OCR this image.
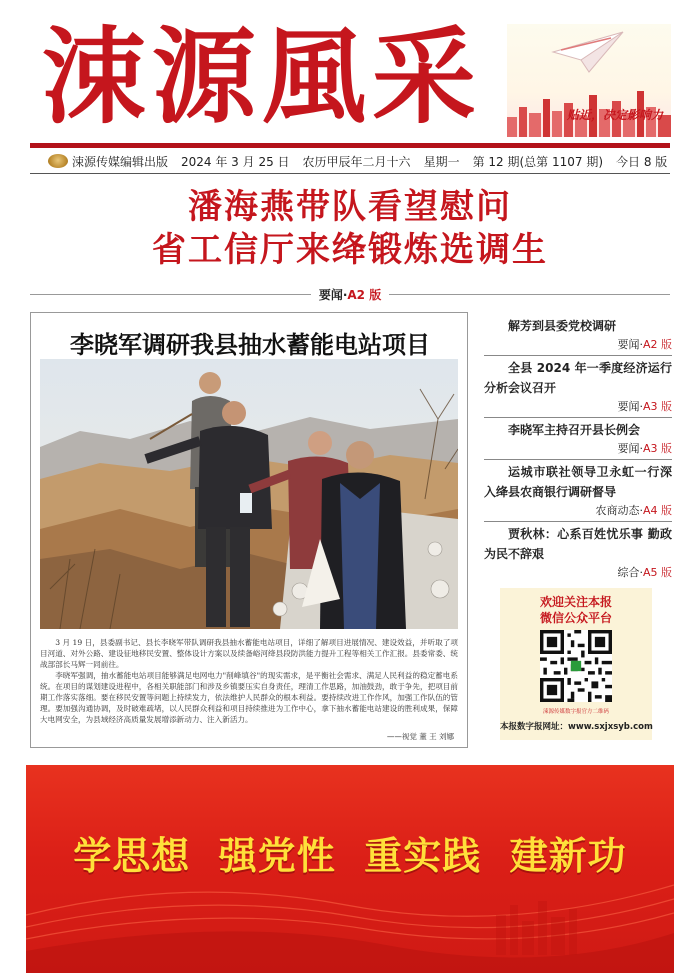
涑源風采	贴近，决定影响力
涑源传媒编辑出版 2024 年 3 月 25 日 农历甲辰年二月十六 星期一 第 12 期(总第 1107 期) 今日 8 版
潘海燕带队看望慰问
省工信厅来绛锻炼选调生
要闻·A2 版
李晓军调研我县抽水蓄能电站项目

3 月 19 日，县委副书记、县长李晓军带队调研我县抽水蓄能电站项目，详细了解项目进展情况、建设效益，并听取了项目河道、对外公路、建设征地移民安置、整体设计方案以及续备峪河绛县段防洪能力提升工程等相关工作汇报。县委常委、统战部部长马辉一同前往。

李晓军强调，抽水蓄能电站项目能够满足电网电力"削峰填谷"的现实需求，是平衡社会需求、满足人民利益的稳定蓄电系统。在项目的谋划建设进程中，各相关职能部门和涉及乡镇要压实自身责任，理清工作思路，加油鼓劲，敢于争先，把项目前期工作落实落细。要在移民安置等问题上持续发力，依法维护人民群众的根本利益。要持续改进工作作风，加强工作队伍的管理。要加强沟通协调，及时破难疏堵，以人民群众利益和项目持续推进为工作中心，拿下抽水蓄能电站建设的胜利成果，保障大电网安全，为县域经济高质量发展增添新动力、注入新活力。

——视觉 董 王 刘娜
解芳到县委党校调研
要闻·A2 版
全县 2024 年一季度经济运行分析会议召开
要闻·A3 版
李晓军主持召开县长例会
要闻·A3 版
运城市联社领导卫永虹一行深入绛县农商银行调研督导
农商动态·A4 版
贾秋林：心系百姓忧乐事 勤政为民不辞艰
综合·A5 版
欢迎关注本报
微信公众平台
涑源传媒数字报官方二维码
本报数字报网址：www.sxjxsyb.com
学思想  强党性  重实践  建新功
